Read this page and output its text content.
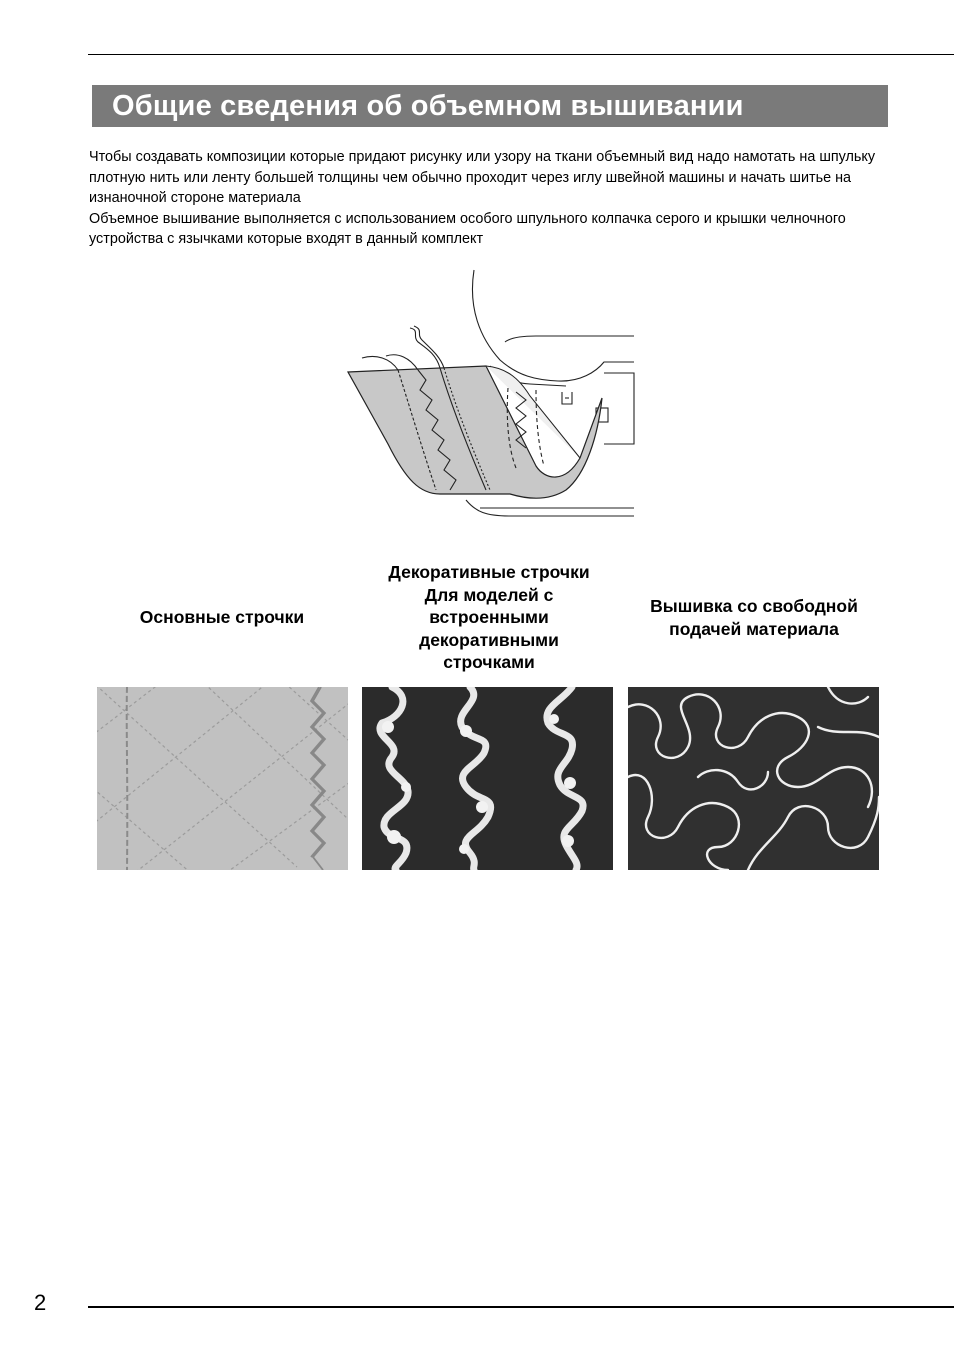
Общие сведения об объемном вышивании

Чтобы создавать композиции которые придают рисунку или узору на ткани объемный вид надо намотать на шпульку плотную нить или ленту большей толщины чем обычно проходит через иглу швейной машины и начать шитье на изнаночной стороне материала

Объемное вышивание выполняется с использованием особого шпульного колпачка серого и крышки челночного устройства с язычками которые входят в данный комплект

Основные строчки
Декоративные строчки Для моделей с встроенными декоративными строчками
Вышивка со свободной подачей материала
2
